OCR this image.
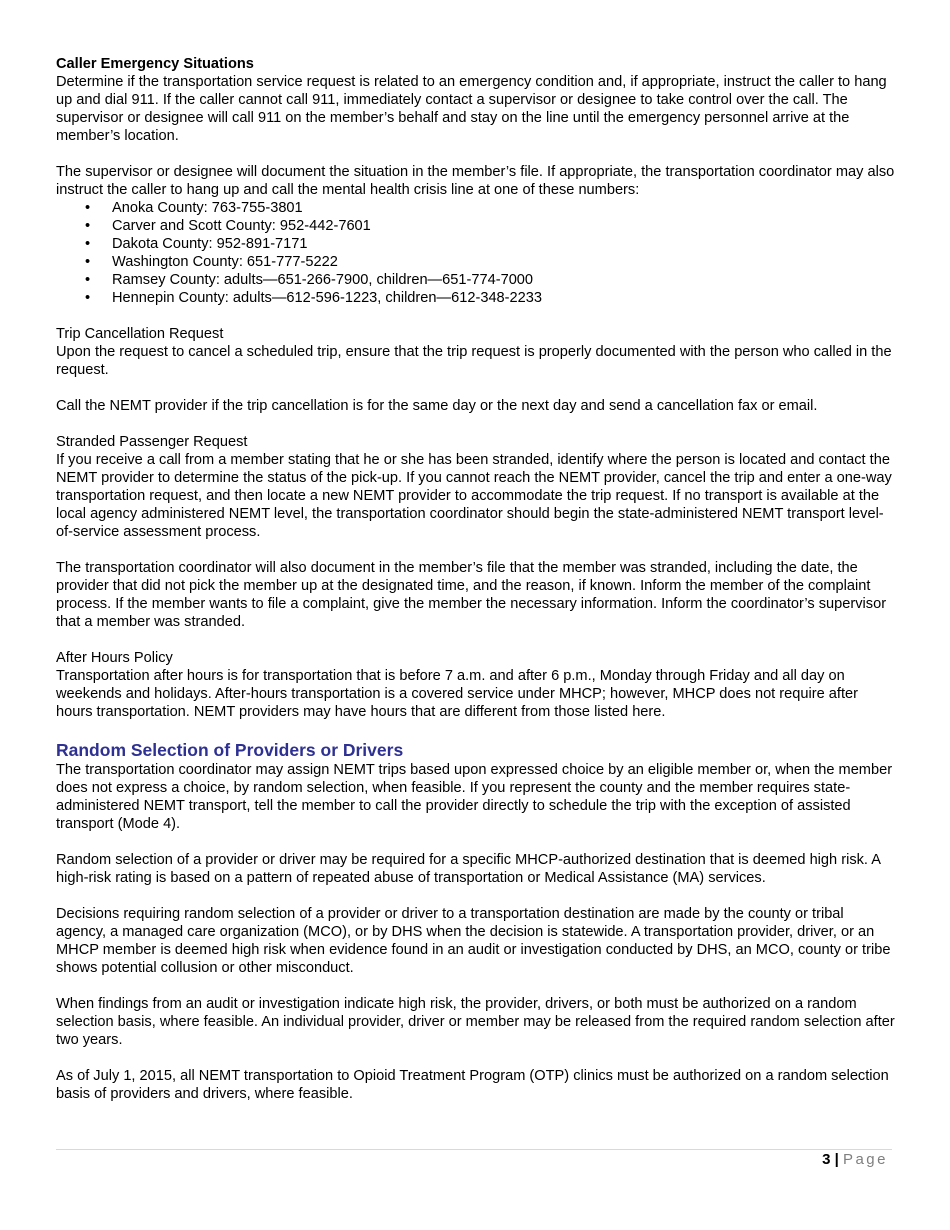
Caller Emergency Situations

Determine if the transportation service request is related to an emergency condition and, if appropriate, instruct the caller to hang up and dial 911. If the caller cannot call 911, immediately contact a supervisor or designee to take control over the call. The supervisor or designee will call 911 on the member’s behalf and stay on the line until the emergency personnel arrive at the member’s location.

The supervisor or designee will document the situation in the member’s file. If appropriate, the transportation coordinator may also instruct the caller to hang up and call the mental health crisis line at one of these numbers:

• Anoka County: 763-755-3801
• Carver and Scott County: 952-442-7601
• Dakota County: 952-891-7171
• Washington County: 651-777-5222
• Ramsey County: adults—651-266-7900, children—651-774-7000
• Hennepin County: adults—612-596-1223, children—612-348-2233

Trip Cancellation Request

Upon the request to cancel a scheduled trip, ensure that the trip request is properly documented with the person who called in the request.

Call the NEMT provider if the trip cancellation is for the same day or the next day and send a cancellation fax or email.

Stranded Passenger Request

If you receive a call from a member stating that he or she has been stranded, identify where the person is located and contact the NEMT provider to determine the status of the pick-up. If you cannot reach the NEMT provider, cancel the trip and enter a one-way transportation request, and then locate a new NEMT provider to accommodate the trip request. If no transport is available at the local agency administered NEMT level, the transportation coordinator should begin the state-administered NEMT transport level-of-service assessment process.

The transportation coordinator will also document in the member’s file that the member was stranded, including the date, the provider that did not pick the member up at the designated time, and the reason, if known. Inform the member of the complaint process. If the member wants to file a complaint, give the member the necessary information. Inform the coordinator’s supervisor that a member was stranded.

After Hours Policy

Transportation after hours is for transportation that is before 7 a.m. and after 6 p.m., Monday through Friday and all day on weekends and holidays. After-hours transportation is a covered service under MHCP; however, MHCP does not require after hours transportation. NEMT providers may have hours that are different from those listed here.

Random Selection of Providers or Drivers

The transportation coordinator may assign NEMT trips based upon expressed choice by an eligible member or, when the member does not express a choice, by random selection, when feasible. If you represent the county and the member requires state-administered NEMT transport, tell the member to call the provider directly to schedule the trip with the exception of assisted transport (Mode 4).

Random selection of a provider or driver may be required for a specific MHCP-authorized destination that is deemed high risk. A high-risk rating is based on a pattern of repeated abuse of transportation or Medical Assistance (MA) services.

Decisions requiring random selection of a provider or driver to a transportation destination are made by the county or tribal agency, a managed care organization (MCO), or by DHS when the decision is statewide. A transportation provider, driver, or an MHCP member is deemed high risk when evidence found in an audit or investigation conducted by DHS, an MCO, county or tribe shows potential collusion or other misconduct.

When findings from an audit or investigation indicate high risk, the provider, drivers, or both must be authorized on a random selection basis, where feasible. An individual provider, driver or member may be released from the required random selection after two years.

As of July 1, 2015, all NEMT transportation to Opioid Treatment Program (OTP) clinics must be authorized on a random selection basis of providers and drivers, where feasible.

3 | Page
